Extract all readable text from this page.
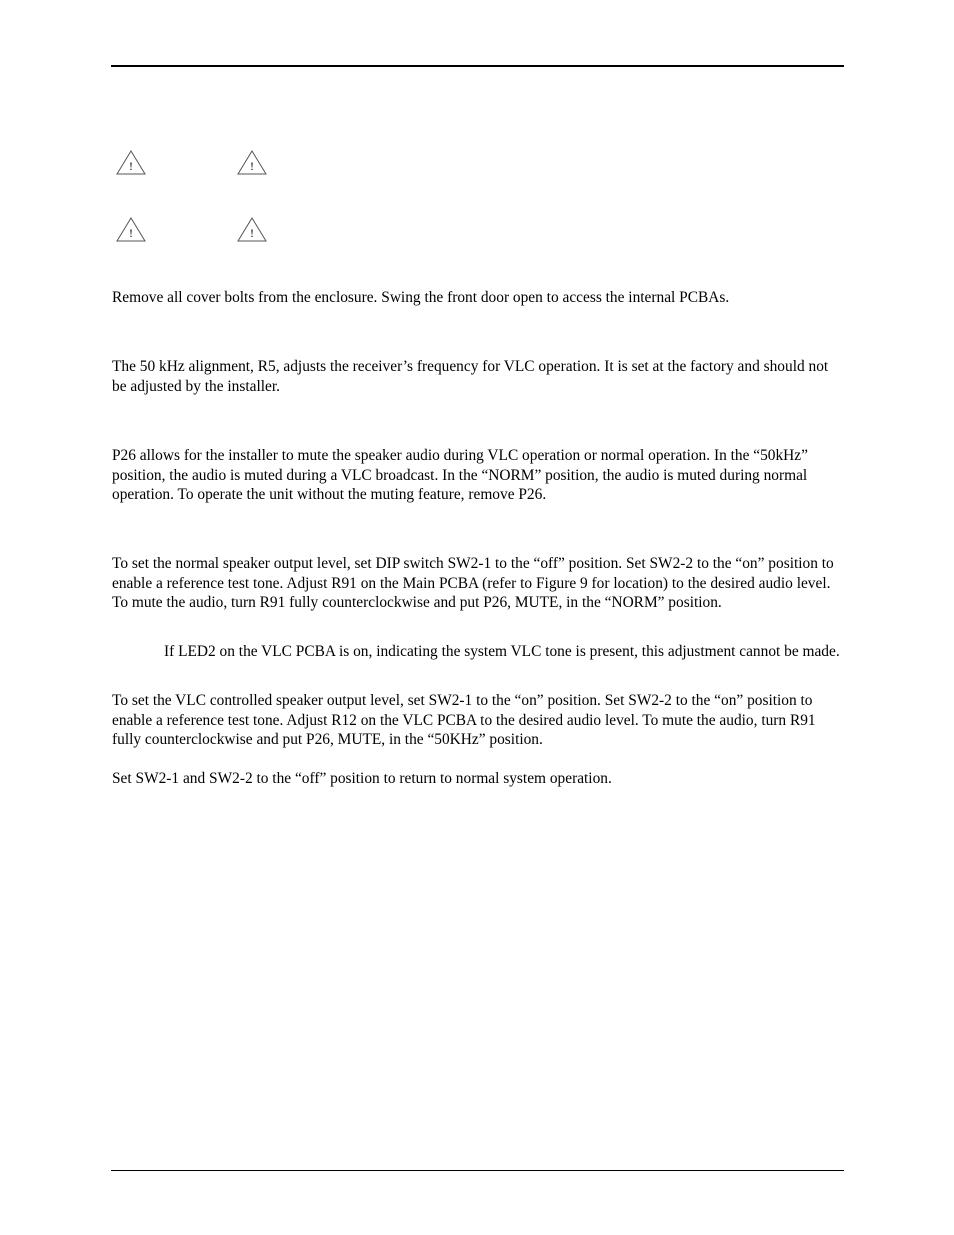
!	!
!	!

Remove all cover bolts from the enclosure. Swing the front door open to access the internal PCBAs.

The 50 kHz alignment, R5, adjusts the receiver’s frequency for VLC operation. It is set at the factory and should not be adjusted by the installer.

P26 allows for the installer to mute the speaker audio during VLC operation or normal operation. In the “50kHz” position, the audio is muted during a VLC broadcast. In the “NORM” position, the audio is muted during normal operation. To operate the unit without the muting feature, remove P26.

To set the normal speaker output level, set DIP switch SW2-1 to the “off” position. Set SW2-2 to the “on” position to enable a reference test tone. Adjust R91 on the Main PCBA (refer to Figure 9 for location) to the desired audio level. To mute the audio, turn R91 fully counterclockwise and put P26, MUTE, in the “NORM” position.

If LED2 on the VLC PCBA is on, indicating the system VLC tone is present, this adjustment cannot be made.

To set the VLC controlled speaker output level, set SW2-1 to the “on” position. Set SW2-2 to the “on” position to enable a reference test tone. Adjust R12 on the VLC PCBA to the desired audio level. To mute the audio, turn R91 fully counterclockwise and put P26, MUTE, in the “50KHz” position.

Set SW2-1 and SW2-2 to the “off” position to return to normal system operation.
